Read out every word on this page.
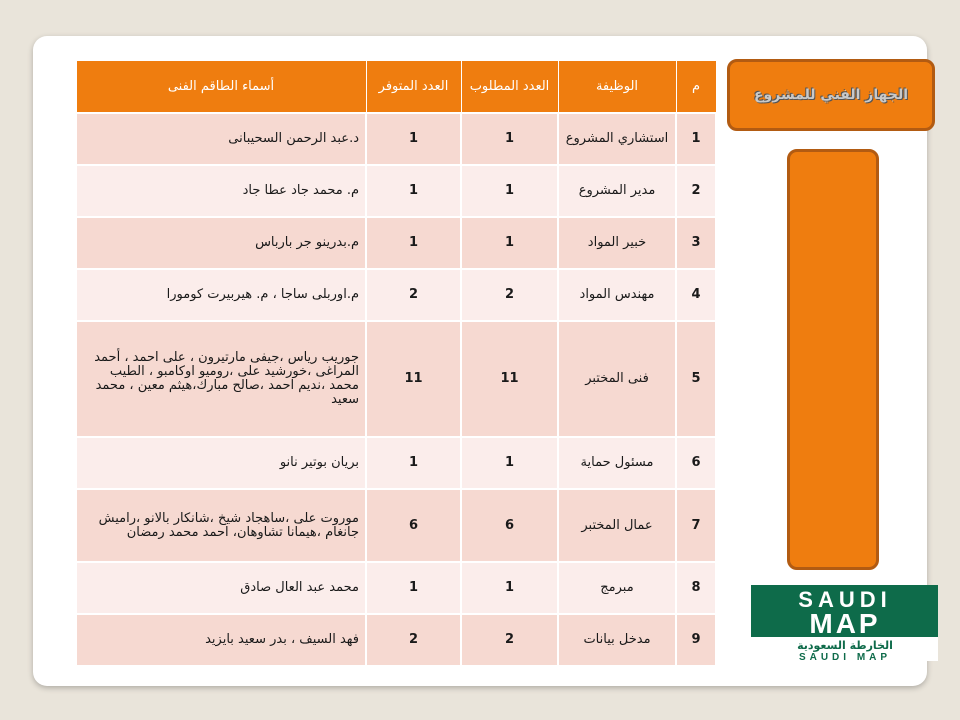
م	الوظيفة	العدد المطلوب	العدد المتوفر	أسماء الطاقم الفنى
1	استشاري المشروع	1	1	د.عبد الرحمن السحيبانى
2	مدير المشروع	1	1	م. محمد جاد عطا جاد
3	خبير المواد	1	1	م.بدرينو جر بارباس
4	مهندس المواد	2	2	م.اوربلى ساجا ، م. هيربيرت كومورا
5	فنى المختبر	11	11	جوريب رياس ،جيفى مارتيرون ، على احمد ، أحمد المراغى ،خورشيد على ،روميو اوكامبو ، الطيب محمد ،نديم احمد ،صالح مبارك،هيثم معين ، محمد سعيد
6	مسئول حماية	1	1	بريان بوتير نانو
7	عمال المختبر	6	6	موروت على ،ساهجاد شيخ ،شانكار بالانو ،راميش جانغام ،هيمانا تشاوهان، احمد محمد رمضان
8	مبرمج	1	1	محمد عبد العال صادق
9	مدخل بيانات	2	2	فهد السيف ، بدر سعيد بايزيد
الجهاز الفني للمشروع
SAUDI
MAP
الخارطة السعودية
SAUDI MAP
